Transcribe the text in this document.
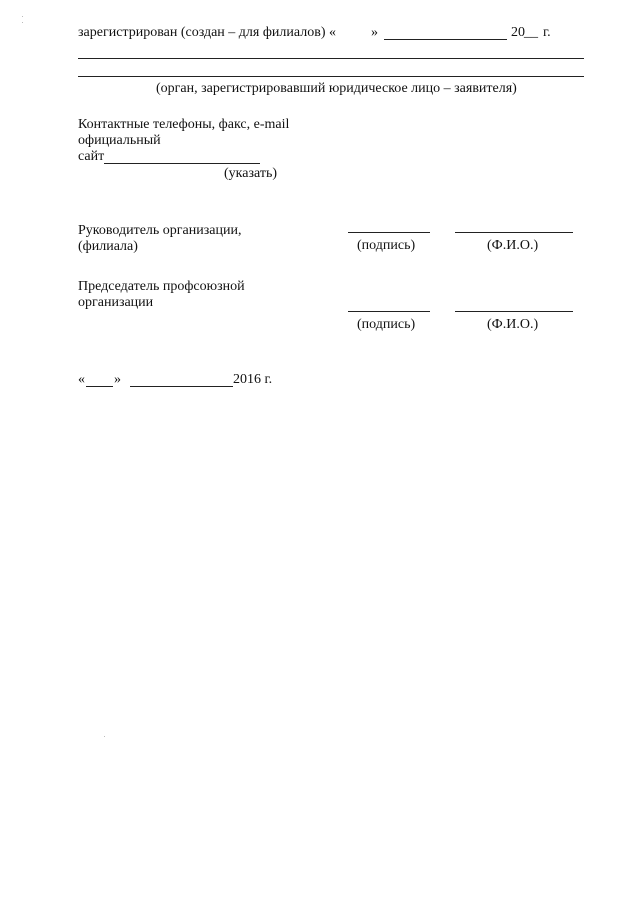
зарегистрирован (создан – для филиалов) «	»	20 __ г.
(орган, зарегистрировавший юридическое лицо – заявителя)
Контактные телефоны, факс, e-mail
официальный
сайт
(указать)
Руководитель организации,
(филиала)	(подпись)	(Ф.И.О.)
Председатель профсоюзной
организации
(подпись)	(Ф.И.О.)
« »	2016 г.
